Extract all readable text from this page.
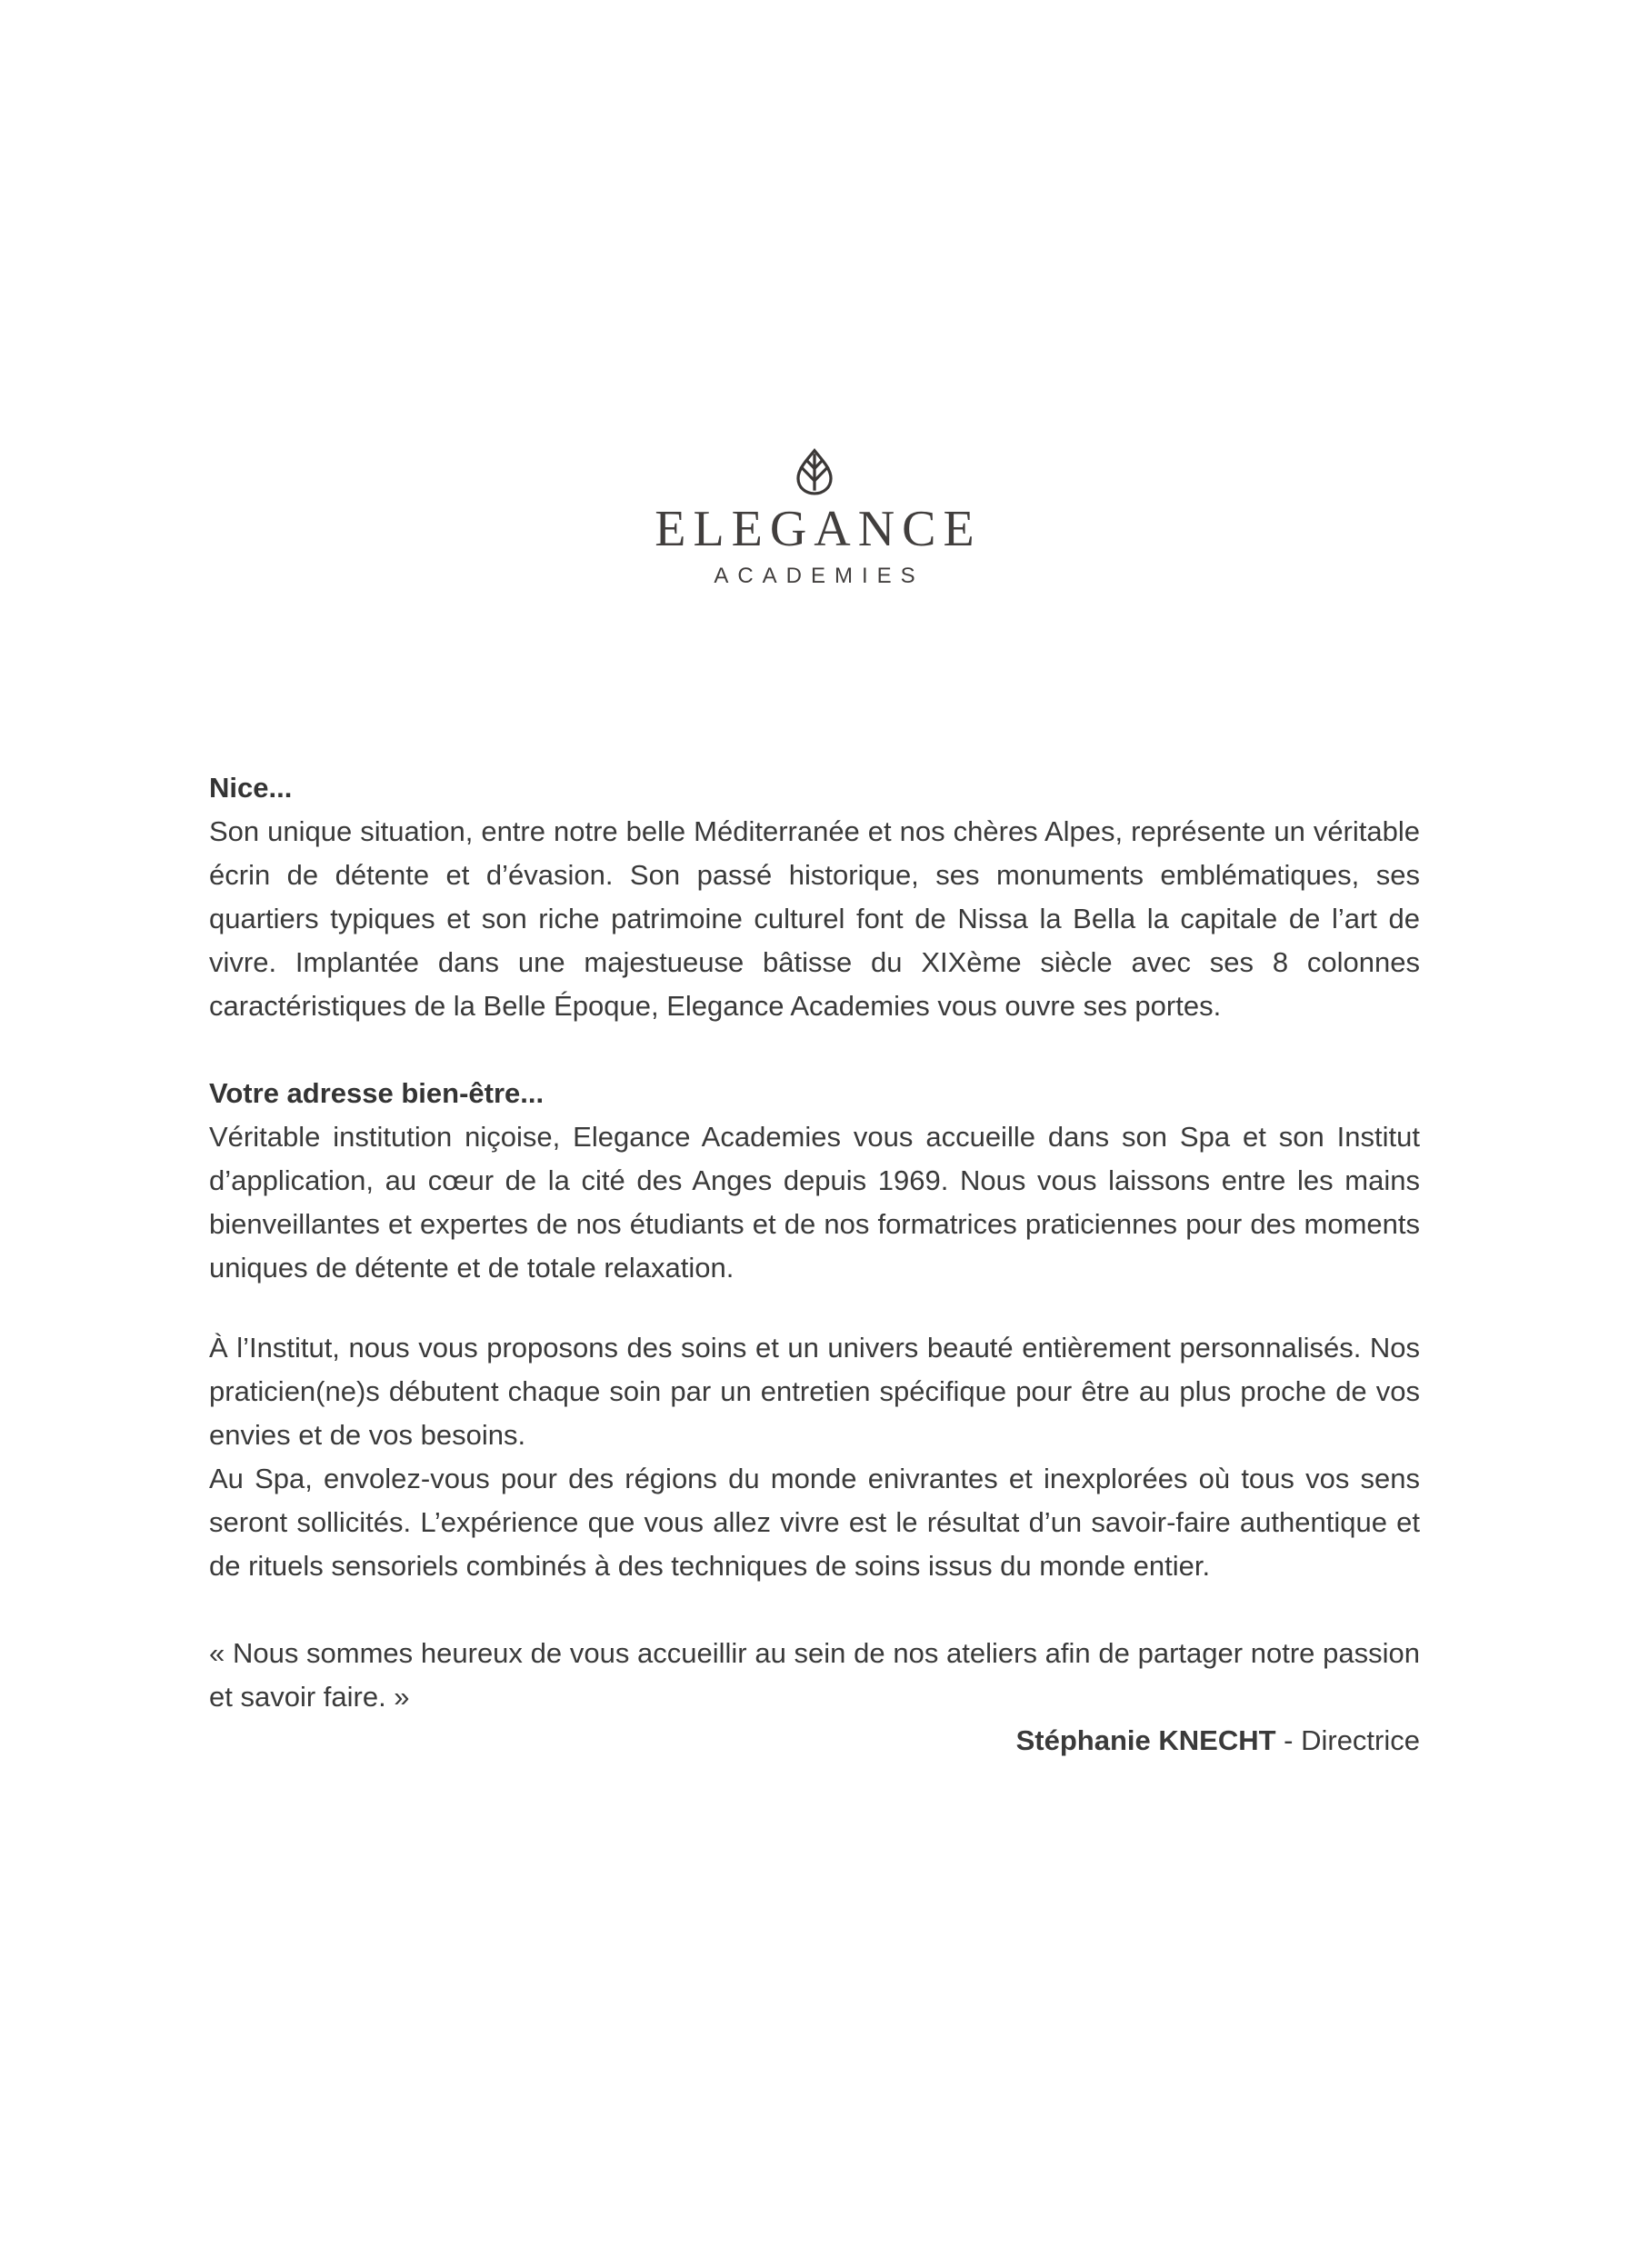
ELEGANCE
ACADEMIES

Nice...

Son unique situation, entre notre belle Méditerranée et nos chères Alpes, représente un véritable écrin de détente et d’évasion. Son passé historique, ses monuments emblématiques, ses quartiers typiques et son riche patrimoine culturel font de Nissa la Bella la capitale de l’art de vivre. Implantée dans une majestueuse bâtisse du XIXème siècle avec ses 8 colonnes caractéristiques de la Belle Époque, Elegance Academies vous ouvre ses portes.

Votre adresse bien-être...

Véritable institution niçoise, Elegance Academies vous accueille dans son Spa et son Institut d’application, au cœur de la cité des Anges depuis 1969. Nous vous laissons entre les mains bienveillantes et expertes de nos étudiants et de nos formatrices praticiennes pour des moments uniques de détente et de totale relaxation.

À l’Institut, nous vous proposons des soins et un univers beauté entièrement personnalisés. Nos praticien(ne)s débutent chaque soin par un entretien spécifique pour être au plus proche de vos envies et de vos besoins.

Au Spa, envolez-vous pour des régions du monde enivrantes et inexplorées où tous vos sens seront sollicités. L’expérience que vous allez vivre est le résultat d’un savoir-faire authentique et de rituels sensoriels combinés à des techniques de soins issus du monde entier.

« Nous sommes heureux de vous accueillir au sein de nos ateliers afin de partager notre passion et savoir faire. »

Stéphanie KNECHT - Directrice
